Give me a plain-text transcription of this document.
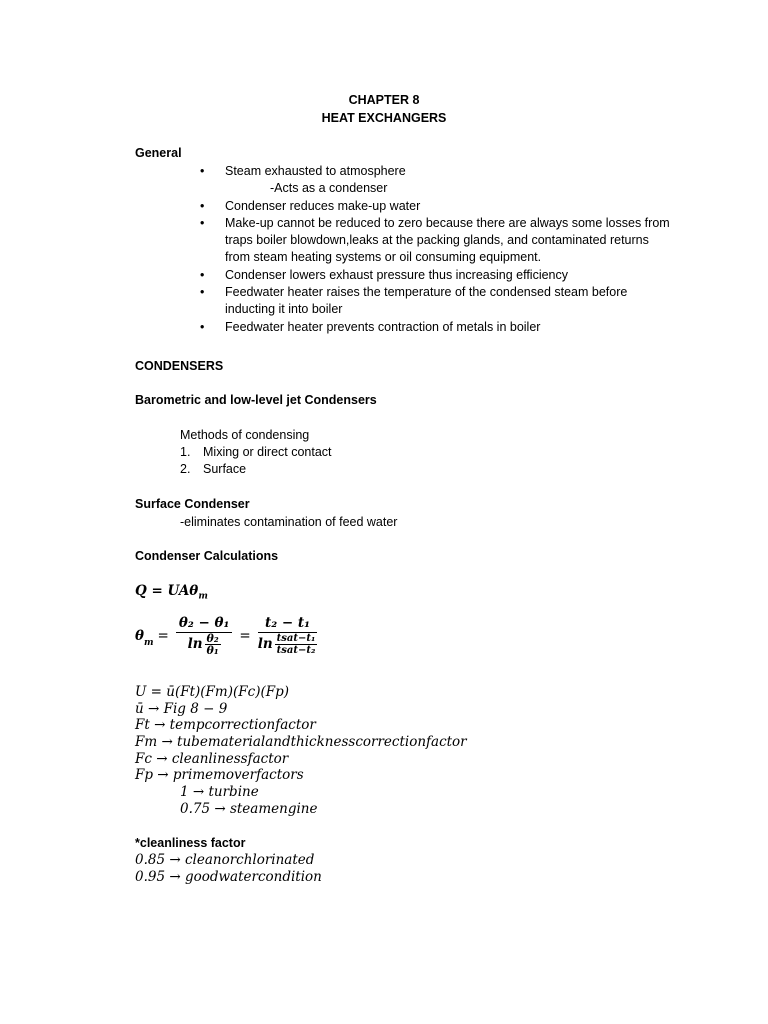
CHAPTER 8
HEAT EXCHANGERS
General
• Steam exhausted to atmosphere
-Acts as a condenser
• Condenser reduces make-up water
• Make-up cannot be reduced to zero because there are always some losses from
traps boiler blowdown,leaks at the packing glands, and contaminated returns
from steam heating systems or oil consuming equipment.
• Condenser lowers exhaust pressure thus increasing efficiency
• Feedwater heater raises the temperature of the condensed steam before
inducting it into boiler
• Feedwater heater prevents contraction of metals in boiler
CONDENSERS
Barometric and low-level jet Condensers
Methods of condensing
1. Mixing or direct contact
2. Surface
Surface Condenser
-eliminates contamination of feed water
Condenser Calculations
Q = UAθ$_m$
$\theta_m = \frac{\text{θ₂ − θ₁}}{\ln \frac{\text{θ₂}}{\text{θ₁}}} = \frac{\text{t₂ − t₁}}{\ln \frac{\text{tsat−t₁}}{\text{tsat−t₂}}}$
U = ū(Ft)(Fm)(Fc)(Fp)
ū → Fig 8 − 9
Ft → tempcorrectionfactor
Fm → tubematerialandthicknesscorrectionfactor
Fc → cleanlinessfactor
Fp → primemoverfactors
1 → turbine
0.75 → steamengine
*cleanliness factor
0.85 → cleanorchlorinated
0.95 → goodwatercondition
